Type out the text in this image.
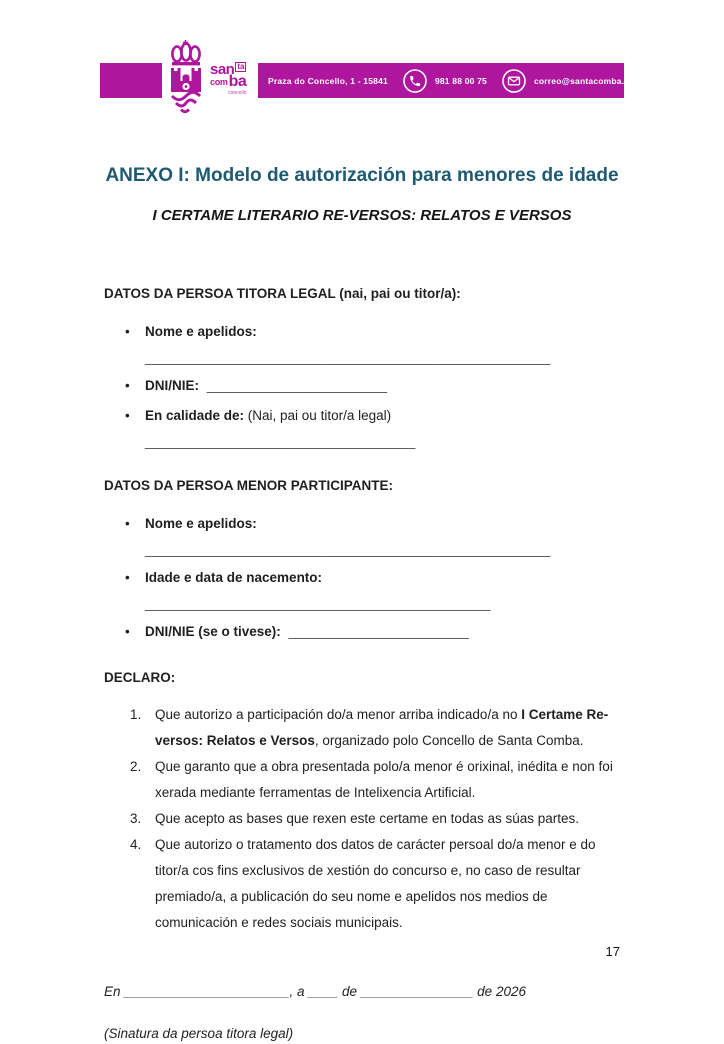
san ta
com ba
concello
Praza do Concello, 1 - 15841	981 88 00 75	correo@santacomba.es
ANEXO I: Modelo de autorización para menores de idade
I CERTAME LITERARIO RE-VERSOS: RELATOS E VERSOS

DATOS DA PERSOA TITORA LEGAL (nai, pai ou titor/a):

• Nome e apelidos:
______________________________________________________
• DNI/NIE: ________________________
• En calidade de: (Nai, pai ou titor/a legal)
____________________________________

DATOS DA PERSOA MENOR PARTICIPANTE:

• Nome e apelidos:
______________________________________________________
• Idade e data de nacemento:
______________________________________________
• DNI/NIE (se o tivese): ________________________

DECLARO:

1.	Que autorizo a participación do/a menor arriba indicado/a no I Certame Re-versos: Relatos e Versos, organizado polo Concello de Santa Comba.
2.	Que garanto que a obra presentada polo/a menor é orixinal, inédita e non foi xerada mediante ferramentas de Intelixencia Artificial.
3.	Que acepto as bases que rexen este certame en todas as súas partes.
4.	Que autorizo o tratamento dos datos de carácter persoal do/a menor e do titor/a cos fins exclusivos de xestión do concurso e, no caso de resultar premiado/a, a publicación do seu nome e apelidos nos medios de comunicación e redes sociais municipais.

En ______________________, a ____ de _______________ de 2026

(Sinatura da persoa titora legal)

17
